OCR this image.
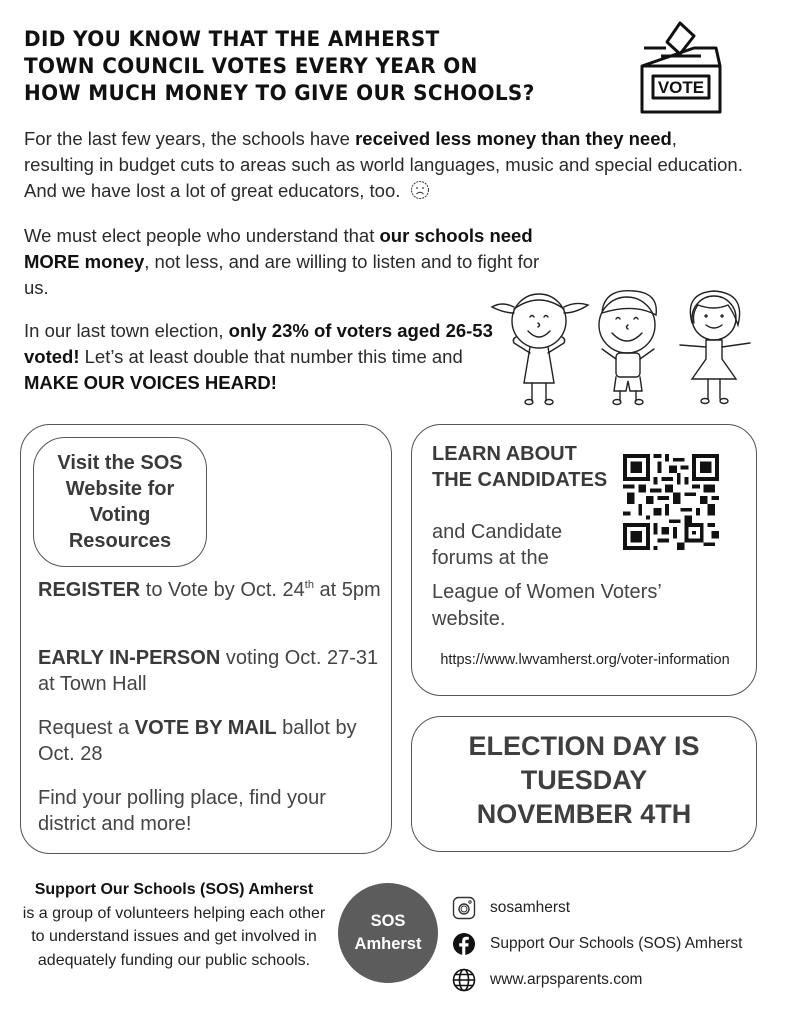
DID YOU KNOW THAT THE AMHERST
TOWN COUNCIL VOTES EVERY YEAR ON
HOW MUCH MONEY TO GIVE OUR SCHOOLS?	VOTE
For the last few years, the schools have received less money than they need, resulting in budget cuts to areas such as world languages, music and special education. And we have lost a lot of great educators, too.
We must elect people who understand that our schools need MORE money, not less, and are willing to listen and to fight for us.
In our last town election, only 23% of voters aged 26-53 voted! Let’s at least double that number this time and MAKE OUR VOICES HEARD!
Visit the SOS Website for Voting Resources
REGISTER to Vote by Oct. 24th at 5pm
EARLY IN-PERSON voting Oct. 27-31 at Town Hall
Request a VOTE BY MAIL ballot by Oct. 28
Find your polling place, find your district and more!
LEARN ABOUT THE CANDIDATES
and Candidate forums at the
League of Women Voters’ website.
https://www.lwvamherst.org/voter-information
ELECTION DAY IS
TUESDAY
NOVEMBER 4TH
Support Our Schools (SOS) Amherst
is a group of volunteers helping each other to understand issues and get involved in adequately funding our public schools.
SOS
Amherst
sosamherst
Support Our Schools (SOS) Amherst
www.arpsparents.com
